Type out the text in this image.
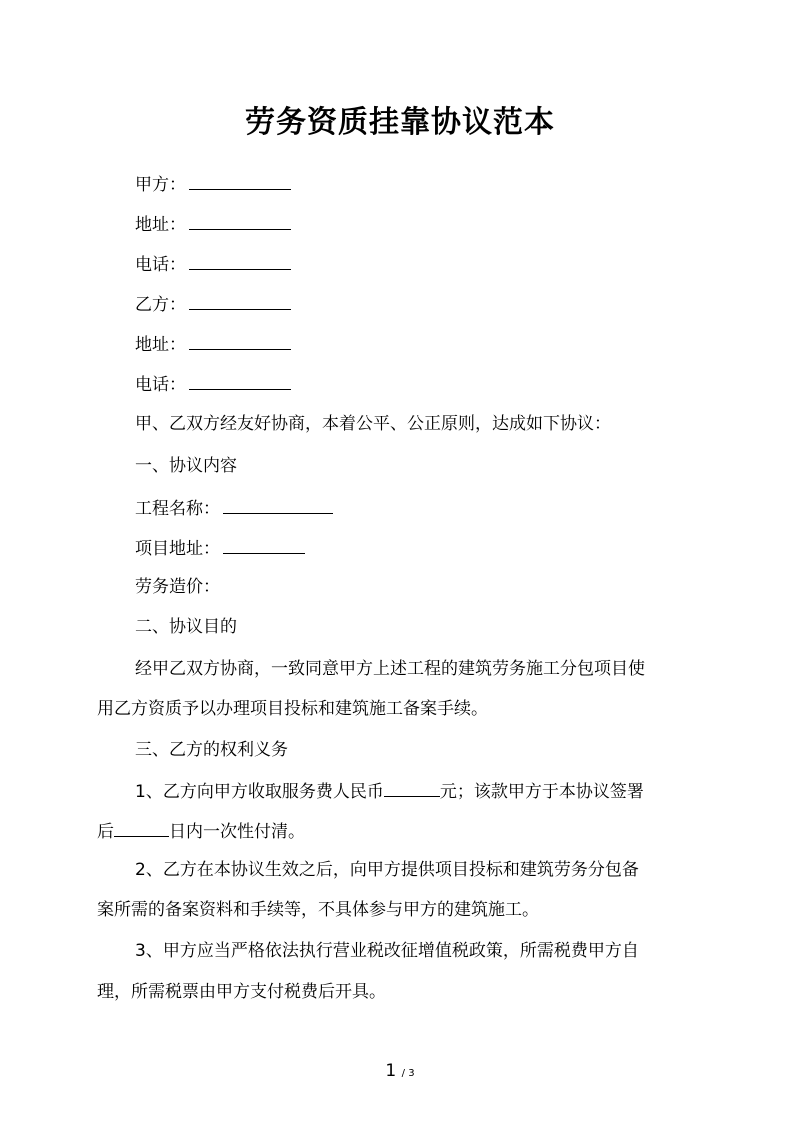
劳务资质挂靠协议范本
甲方：
地址：
电话：
乙方：
地址：
电话：
甲、乙双方经友好协商，本着公平、公正原则，达成如下协议：
一、协议内容
工程名称：
项目地址：
劳务造价：
二、协议目的
经甲乙双方协商，一致同意甲方上述工程的建筑劳务施工分包项目使
用乙方资质予以办理项目投标和建筑施工备案手续。
三、乙方的权利义务
1、乙方向甲方收取服务费人民币	元；该款甲方于本协议签署
后	日内一次性付清。
2、乙方在本协议生效之后，向甲方提供项目投标和建筑劳务分包备
案所需的备案资料和手续等，不具体参与甲方的建筑施工。
3、甲方应当严格依法执行营业税改征增值税政策，所需税费甲方自
理，所需税票由甲方支付税费后开具。
1 / 3
